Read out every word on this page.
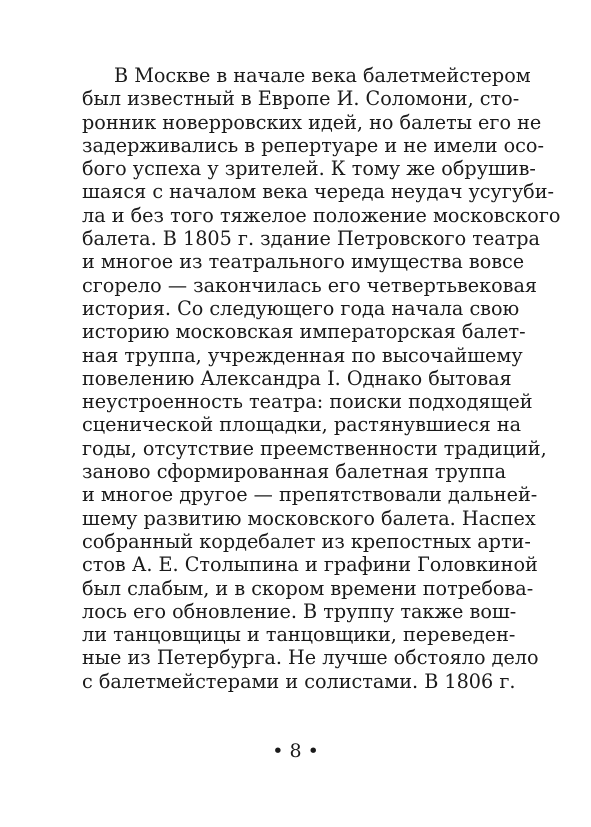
В Москве в начале века балетмейстером
был известный в Европе И. Соломони, сто-
ронник новерровских идей, но балеты его не
задерживались в репертуаре и не имели осо-
бого успеха у зрителей. К тому же обрушив-
шаяся с началом века череда неудач усугуби-
ла и без того тяжелое положение московского
балета. В 1805 г. здание Петровского театра
и многое из театрального имущества вовсе
сгорело — закончилась его четвертьвековая
история. Со следующего года начала свою
историю московская императорская балет-
ная труппа, учрежденная по высочайшему
повелению Александра I. Однако бытовая
неустроенность театра: поиски подходящей
сценической площадки, растянувшиеся на
годы, отсутствие преемственности традиций,
заново сформированная балетная труппа
и многое другое — препятствовали дальней-
шему развитию московского балета. Наспех
собранный кордебалет из крепостных арти-
стов А. Е. Столыпина и графини Головкиной
был слабым, и в скором времени потребова-
лось его обновление. В труппу также вош-
ли танцовщицы и танцовщики, переведен-
ные из Петербурга. Не лучше обстояло дело
с балетмейстерами и солистами. В 1806 г.
• 8 •
